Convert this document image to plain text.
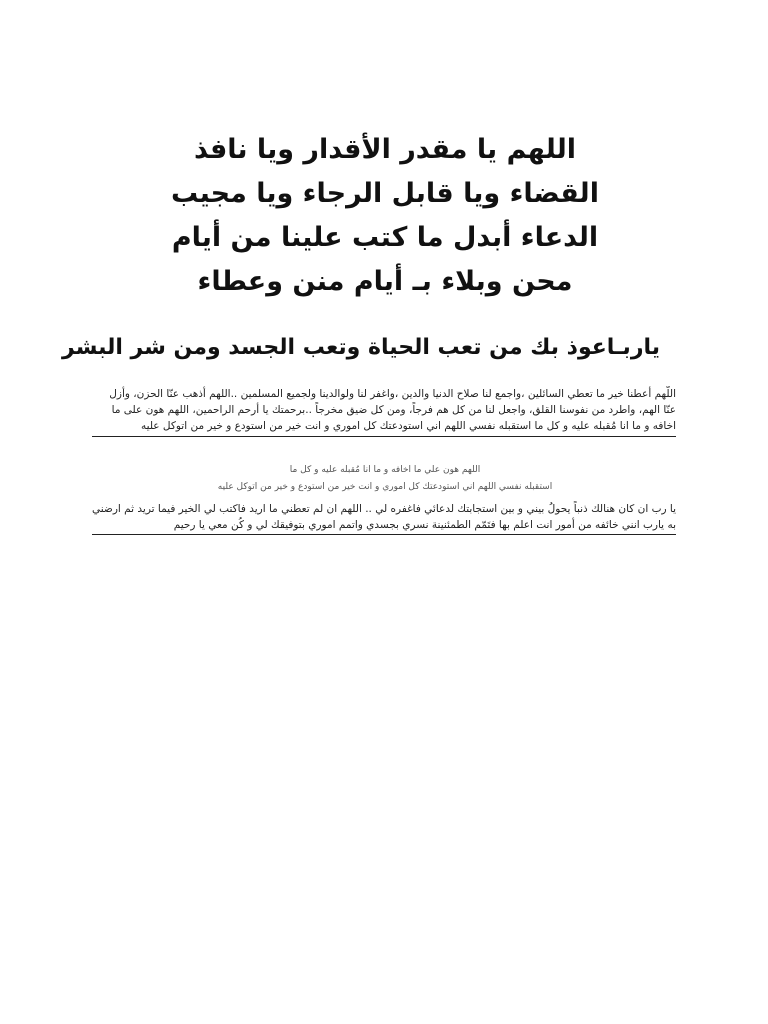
اللهم يا مقدر الأقدار ويا نافذ
القضاء ويا قابل الرجاء ويا مجيب
الدعاء أبدل ما كتب علينا من أيام
محن وبلاء بـ أيام منن وعطاء
ياربـاعوذ بك من تعب الحياة وتعب الجسد ومن شر البشر
اللّهم أعطنا خير ما تعطي السائلين ،واجمع لنا صلاح الدنيا والدين ،واغفر لنا ولوالدينا ولجميع المسلمين ..اللهم أذهب عنّا الحزن، وأزل
عنّا الهم، واطرد من نفوسنا القلق، واجعل لنا من كل هم فرجاً، ومن كل ضيق مخرجاً ..برحمتك يا أرحم الراحمين، اللهم هون على ما
اخافه و ما انا مُقبله عليه و كل ما استقبله نفسي اللهم اني استودعتك كل اموري و انت خير من استودع و خير من اتوكل عليه
اللهم هون علي ما اخافه و ما انا مُقبله عليه و كل ما
استقبله نفسي اللهم اني استودعتك كل اموري و انت خير من استودع و خير من اتوكل عليه
يا رب ان كان هنالك ذنباً يحولُ بيني و بين استجابتك لدعائي فاغفره لي .. اللهم ان لم تعطني ما اريد فاكتب لي الخير فيما تريد ثم ارضني
به يارب انني خائفه من أمور انت اعلم بها فتَمّم الطمئنينة نسري بجسدي واتمم اموري بتوفيقك لي و كُن معي يا رحيم
